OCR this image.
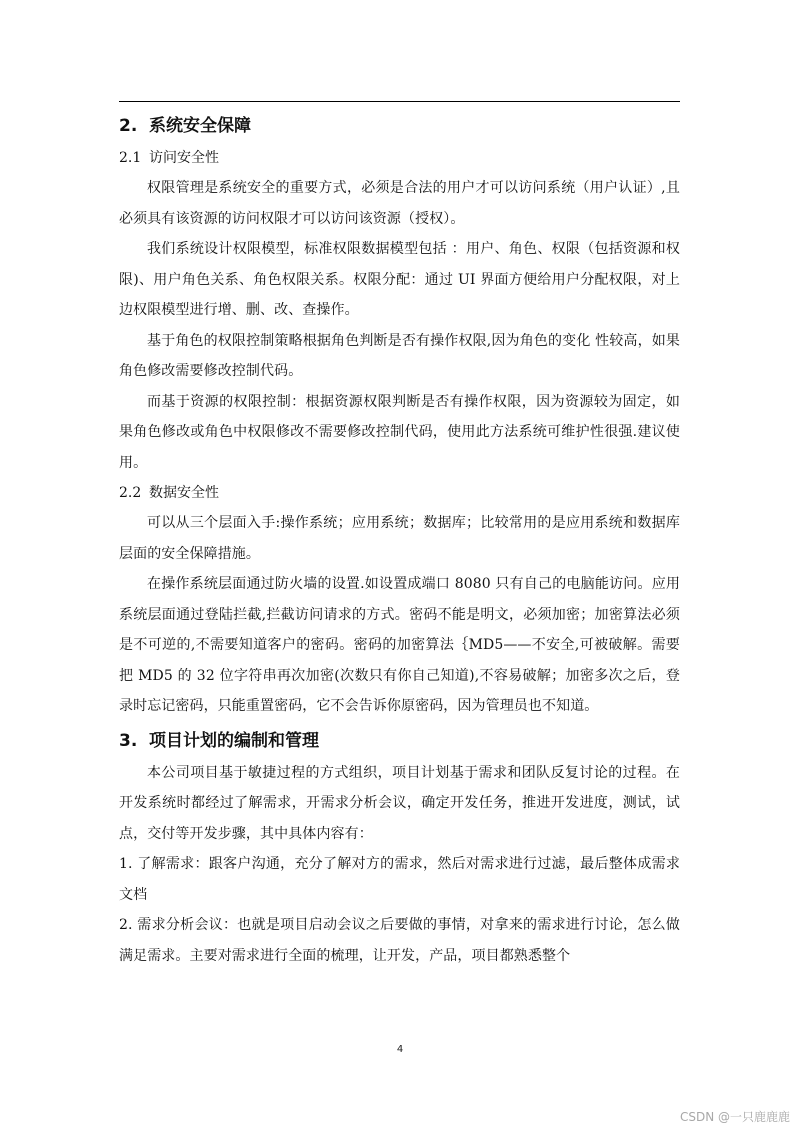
2. 系统安全保障
2.1 访问安全性

权限管理是系统安全的重要方式，必须是合法的用户才可以访问系统（用户认证）,且必须具有该资源的访问权限才可以访问该资源（授权）。

我们系统设计权限模型，标准权限数据模型包括 ：用户、角色、权限（包括资源和权限)、用户角色关系、角色权限关系。权限分配：通过 UI 界面方便给用户分配权限，对上边权限模型进行增、删、改、查操作。

基于角色的权限控制策略根据角色判断是否有操作权限,因为角色的变化 性较高，如果角色修改需要修改控制代码。

而基于资源的权限控制：根据资源权限判断是否有操作权限，因为资源较为固定，如果角色修改或角色中权限修改不需要修改控制代码，使用此方法系统可维护性很强.建议使用。

2.2 数据安全性

可以从三个层面入手:操作系统；应用系统；数据库；比较常用的是应用系统和数据库层面的安全保障措施。

在操作系统层面通过防火墙的设置.如设置成端口 8080 只有自己的电脑能访问。应用系统层面通过登陆拦截,拦截访问请求的方式。密码不能是明文，必须加密；加密算法必须是不可逆的,不需要知道客户的密码。密码的加密算法｛MD5——不安全,可被破解。需要把 MD5 的 32 位字符串再次加密(次数只有你自己知道),不容易破解；加密多次之后，登录时忘记密码，只能重置密码，它不会告诉你原密码，因为管理员也不知道。

3. 项目计划的编制和管理

本公司项目基于敏捷过程的方式组织，项目计划基于需求和团队反复讨论的过程。在开发系统时都经过了解需求，开需求分析会议，确定开发任务，推进开发进度，测试，试点，交付等开发步骤，其中具体内容有：

1. 了解需求：跟客户沟通，充分了解对方的需求，然后对需求进行过滤，最后整体成需求文档

2. 需求分析会议：也就是项目启动会议之后要做的事情，对拿来的需求进行讨论，怎么做满足需求。主要对需求进行全面的梳理，让开发，产品，项目都熟悉整个

4
CSDN @一只鹿鹿鹿
